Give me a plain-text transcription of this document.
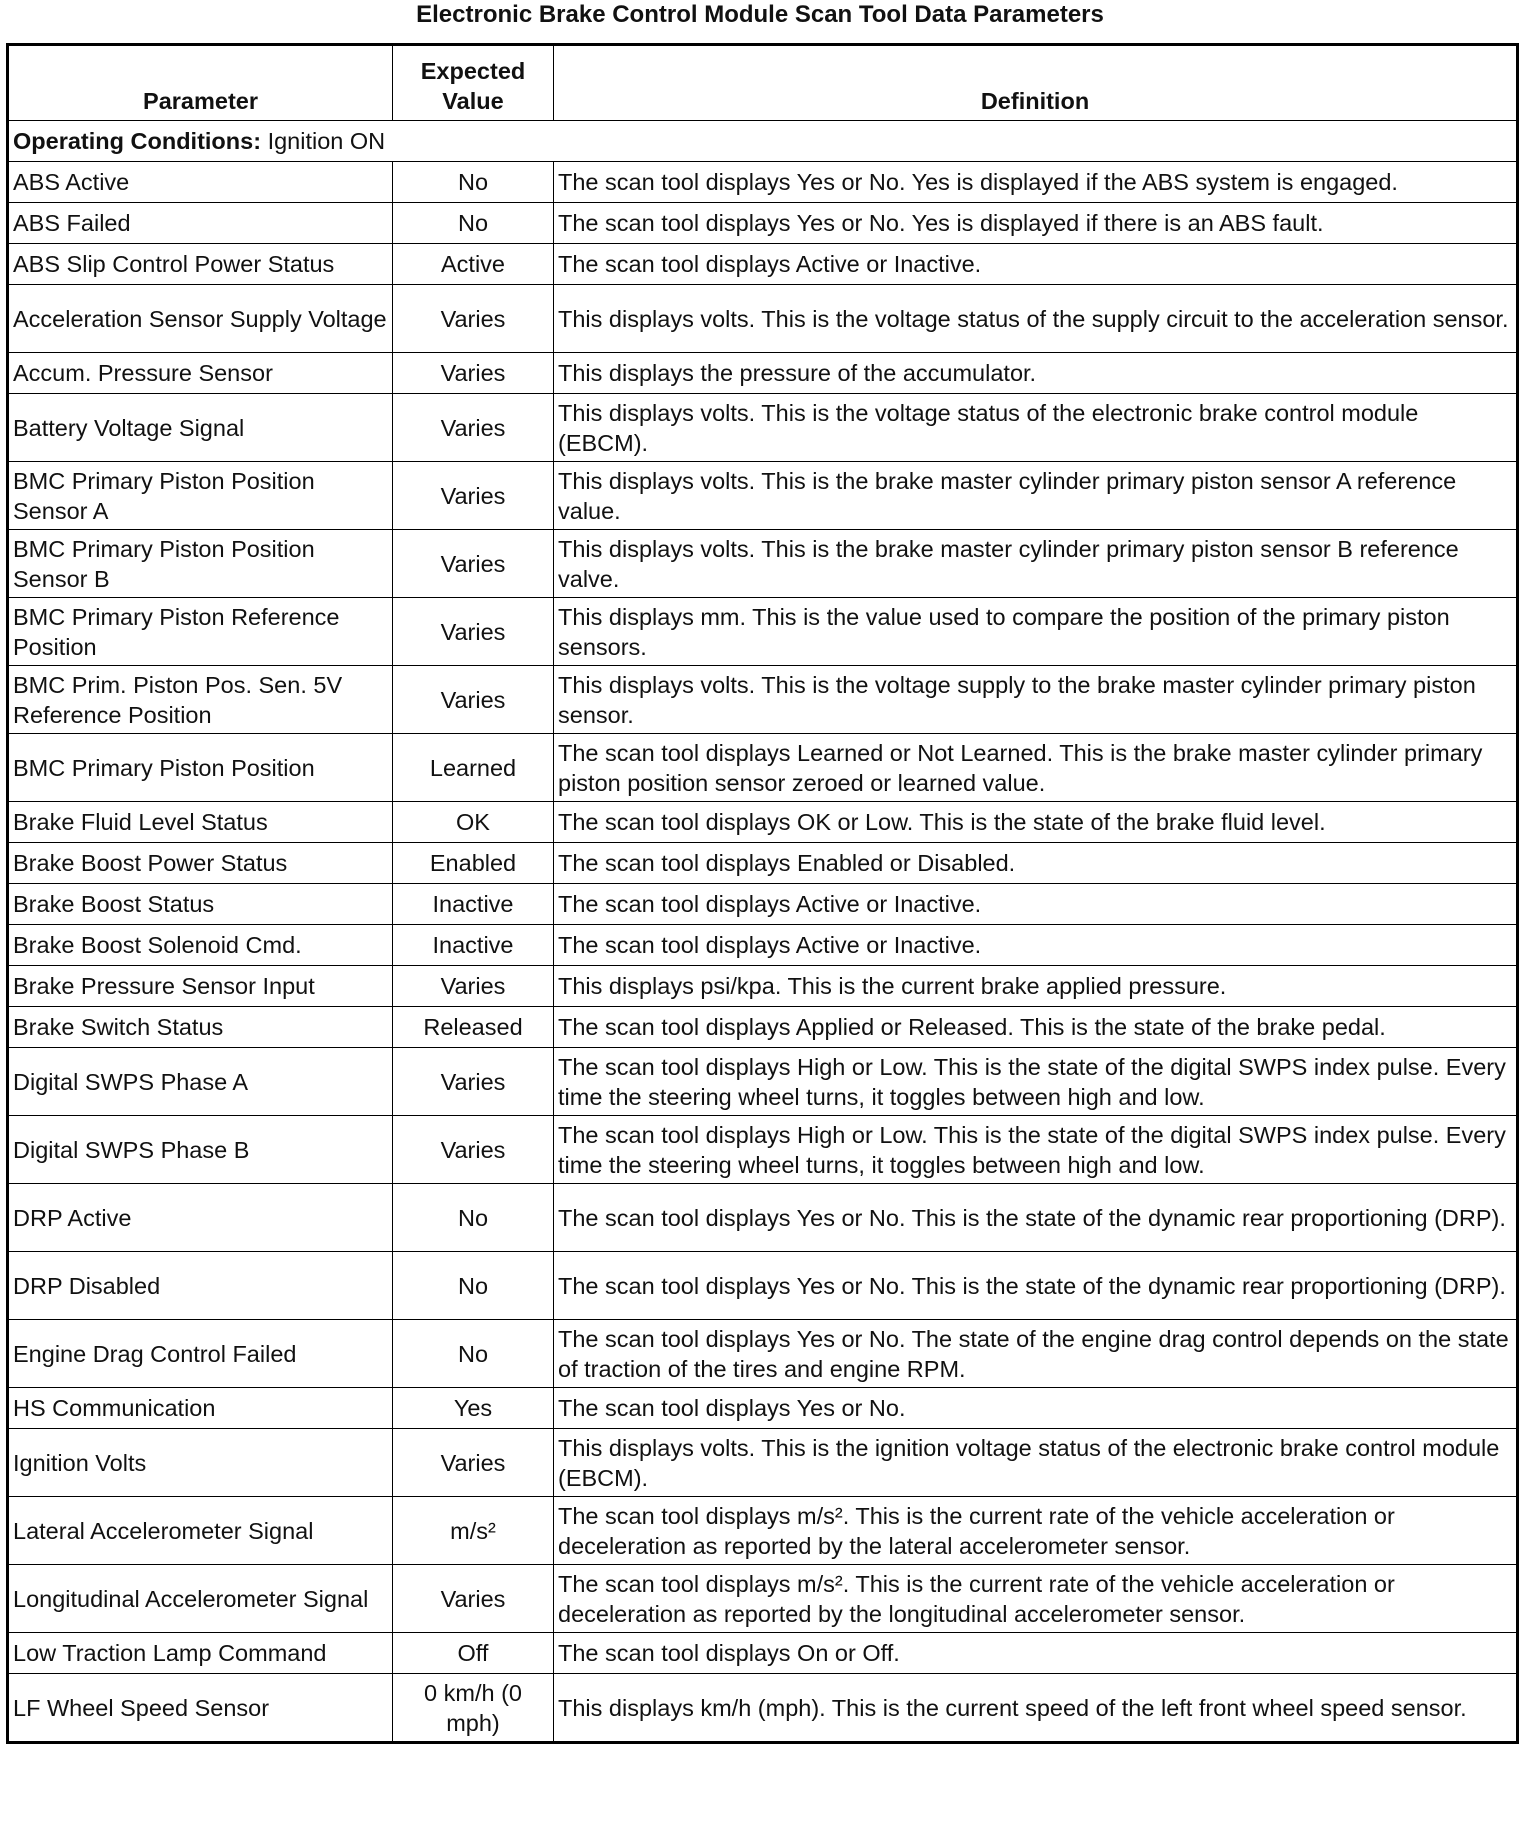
Electronic Brake Control Module Scan Tool Data Parameters
Parameter	Expected Value	Definition
Operating Conditions: Ignition ON		
ABS Active	No	The scan tool displays Yes or No. Yes is displayed if the ABS system is engaged.
ABS Failed	No	The scan tool displays Yes or No. Yes is displayed if there is an ABS fault.
ABS Slip Control Power Status	Active	The scan tool displays Active or Inactive.
Acceleration Sensor Supply Voltage	Varies	This displays volts. This is the voltage status of the supply circuit to the acceleration sensor.
Accum. Pressure Sensor	Varies	This displays the pressure of the accumulator.
Battery Voltage Signal	Varies	This displays volts. This is the voltage status of the electronic brake control module (EBCM).
BMC Primary Piston Position Sensor A	Varies	This displays volts. This is the brake master cylinder primary piston sensor A reference value.
BMC Primary Piston Position Sensor B	Varies	This displays volts. This is the brake master cylinder primary piston sensor B reference valve.
BMC Primary Piston Reference Position	Varies	This displays mm. This is the value used to compare the position of the primary piston sensors.
BMC Prim. Piston Pos. Sen. 5V Reference Position	Varies	This displays volts. This is the voltage supply to the brake master cylinder primary piston sensor.
BMC Primary Piston Position	Learned	The scan tool displays Learned or Not Learned. This is the brake master cylinder primary piston position sensor zeroed or learned value.
Brake Fluid Level Status	OK	The scan tool displays OK or Low. This is the state of the brake fluid level.
Brake Boost Power Status	Enabled	The scan tool displays Enabled or Disabled.
Brake Boost Status	Inactive	The scan tool displays Active or Inactive.
Brake Boost Solenoid Cmd.	Inactive	The scan tool displays Active or Inactive.
Brake Pressure Sensor Input	Varies	This displays psi/kpa. This is the current brake applied pressure.
Brake Switch Status	Released	The scan tool displays Applied or Released. This is the state of the brake pedal.
Digital SWPS Phase A	Varies	The scan tool displays High or Low. This is the state of the digital SWPS index pulse. Every time the steering wheel turns, it toggles between high and low.
Digital SWPS Phase B	Varies	The scan tool displays High or Low. This is the state of the digital SWPS index pulse. Every time the steering wheel turns, it toggles between high and low.
DRP Active	No	The scan tool displays Yes or No. This is the state of the dynamic rear proportioning (DRP).
DRP Disabled	No	The scan tool displays Yes or No. This is the state of the dynamic rear proportioning (DRP).
Engine Drag Control Failed	No	The scan tool displays Yes or No. The state of the engine drag control depends on the state of traction of the tires and engine RPM.
HS Communication	Yes	The scan tool displays Yes or No.
Ignition Volts	Varies	This displays volts. This is the ignition voltage status of the electronic brake control module (EBCM).
Lateral Accelerometer Signal	m/s²	The scan tool displays m/s². This is the current rate of the vehicle acceleration or deceleration as reported by the lateral accelerometer sensor.
Longitudinal Accelerometer Signal	Varies	The scan tool displays m/s². This is the current rate of the vehicle acceleration or deceleration as reported by the longitudinal accelerometer sensor.
Low Traction Lamp Command	Off	The scan tool displays On or Off.
LF Wheel Speed Sensor	0 km/h (0 mph)	This displays km/h (mph). This is the current speed of the left front wheel speed sensor.
